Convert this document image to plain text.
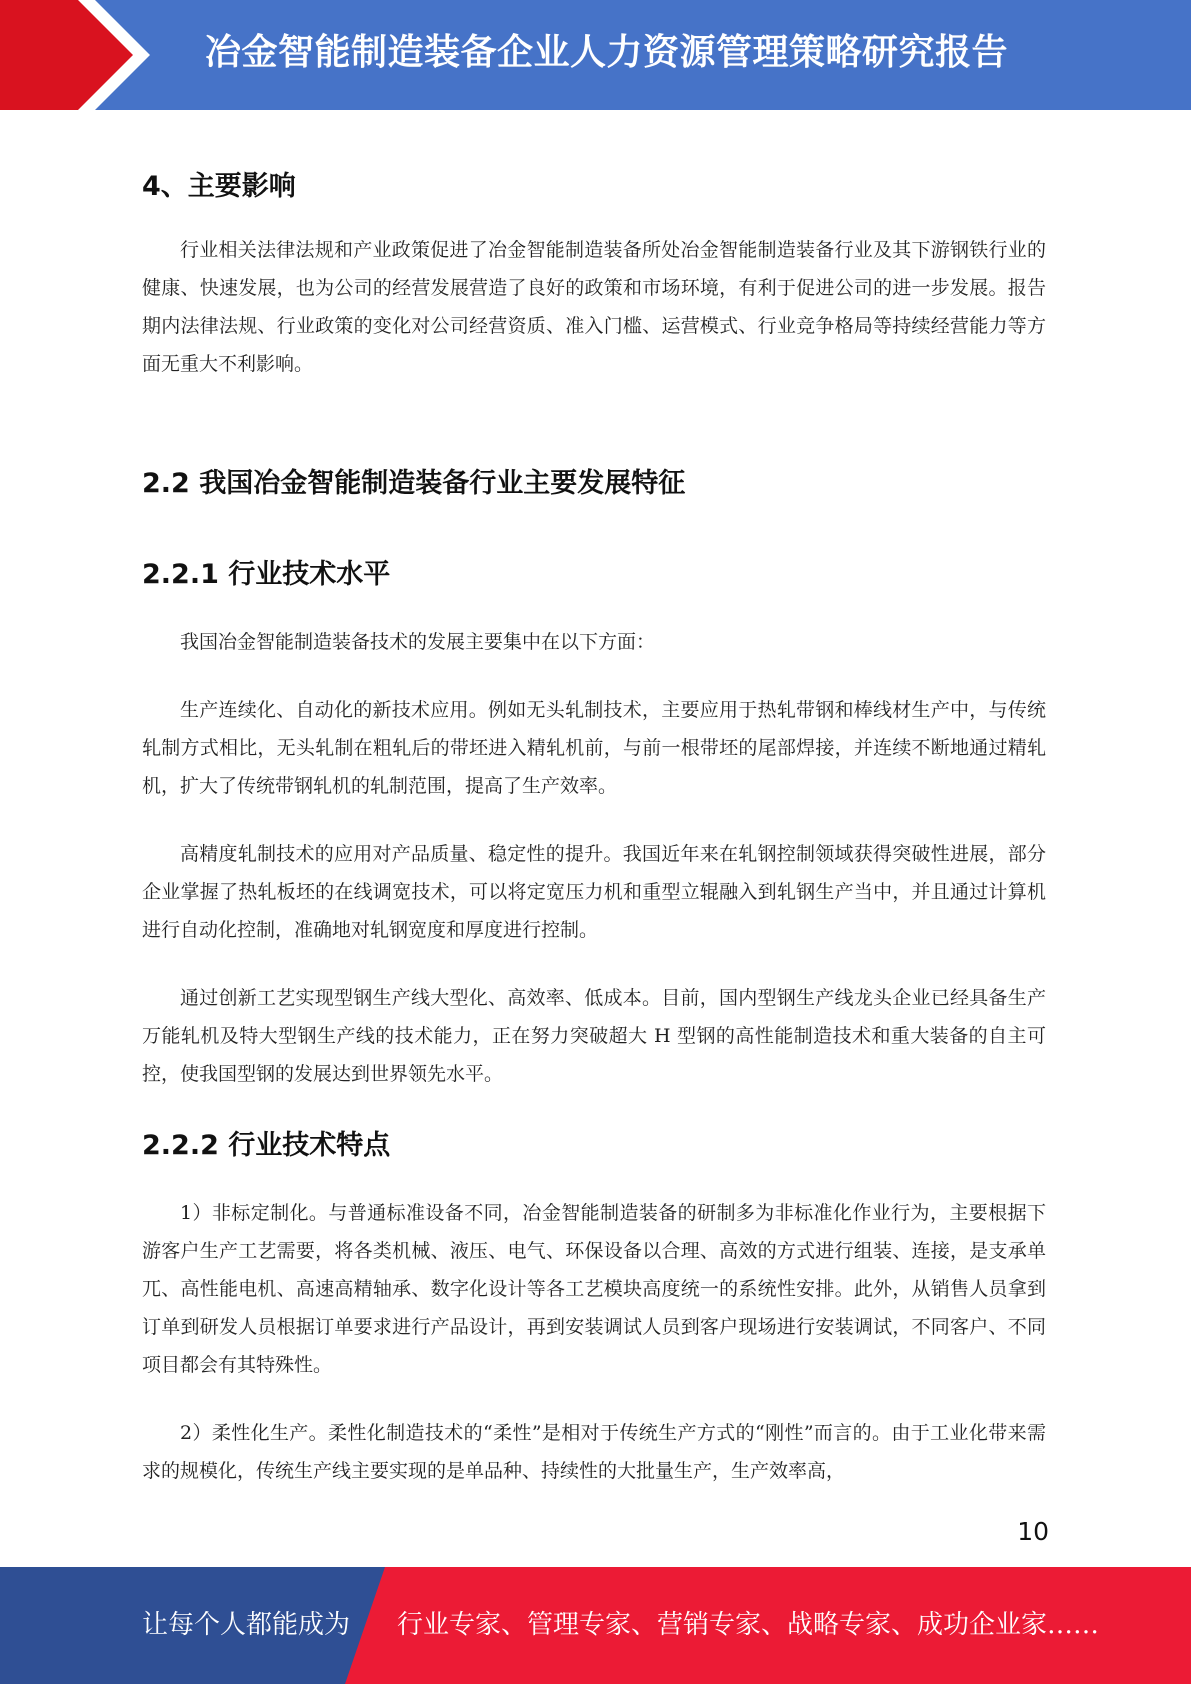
冶金智能制造装备企业人力资源管理策略研究报告
4、主要影响

行业相关法律法规和产业政策促进了冶金智能制造装备所处冶金智能制造装备行业及其下游钢铁行业的健康、快速发展，也为公司的经营发展营造了良好的政策和市场环境，有利于促进公司的进一步发展。报告期内法律法规、行业政策的变化对公司经营资质、准入门槛、运营模式、行业竞争格局等持续经营能力等方面无重大不利影响。

2.2 我国冶金智能制造装备行业主要发展特征
2.2.1 行业技术水平

我国冶金智能制造装备技术的发展主要集中在以下方面：

生产连续化、自动化的新技术应用。例如无头轧制技术，主要应用于热轧带钢和棒线材生产中，与传统轧制方式相比，无头轧制在粗轧后的带坯进入精轧机前，与前一根带坯的尾部焊接，并连续不断地通过精轧机，扩大了传统带钢轧机的轧制范围，提高了生产效率。

高精度轧制技术的应用对产品质量、稳定性的提升。我国近年来在轧钢控制领域获得突破性进展，部分企业掌握了热轧板坯的在线调宽技术，可以将定宽压力机和重型立辊融入到轧钢生产当中，并且通过计算机进行自动化控制，准确地对轧钢宽度和厚度进行控制。

通过创新工艺实现型钢生产线大型化、高效率、低成本。目前，国内型钢生产线龙头企业已经具备生产万能轧机及特大型钢生产线的技术能力，正在努力突破超大 H 型钢的高性能制造技术和重大装备的自主可控，使我国型钢的发展达到世界领先水平。

2.2.2 行业技术特点

1）非标定制化。与普通标准设备不同，冶金智能制造装备的研制多为非标准化作业行为，主要根据下游客户生产工艺需要，将各类机械、液压、电气、环保设备以合理、高效的方式进行组装、连接，是支承单兀、高性能电机、高速高精轴承、数字化设计等各工艺模块高度统一的系统性安排。此外，从销售人员拿到订单到研发人员根据订单要求进行产品设计，再到安装调试人员到客户现场进行安装调试，不同客户、不同项目都会有其特殊性。

2）柔性化生产。柔性化制造技术的“柔性”是相对于传统生产方式的“刚性”而言的。由于工业化带来需求的规模化，传统生产线主要实现的是单品种、持续性的大批量生产，生产效率高，

10
让每个人都能成为 行业专家、管理专家、营销专家、战略专家、成功企业家……
